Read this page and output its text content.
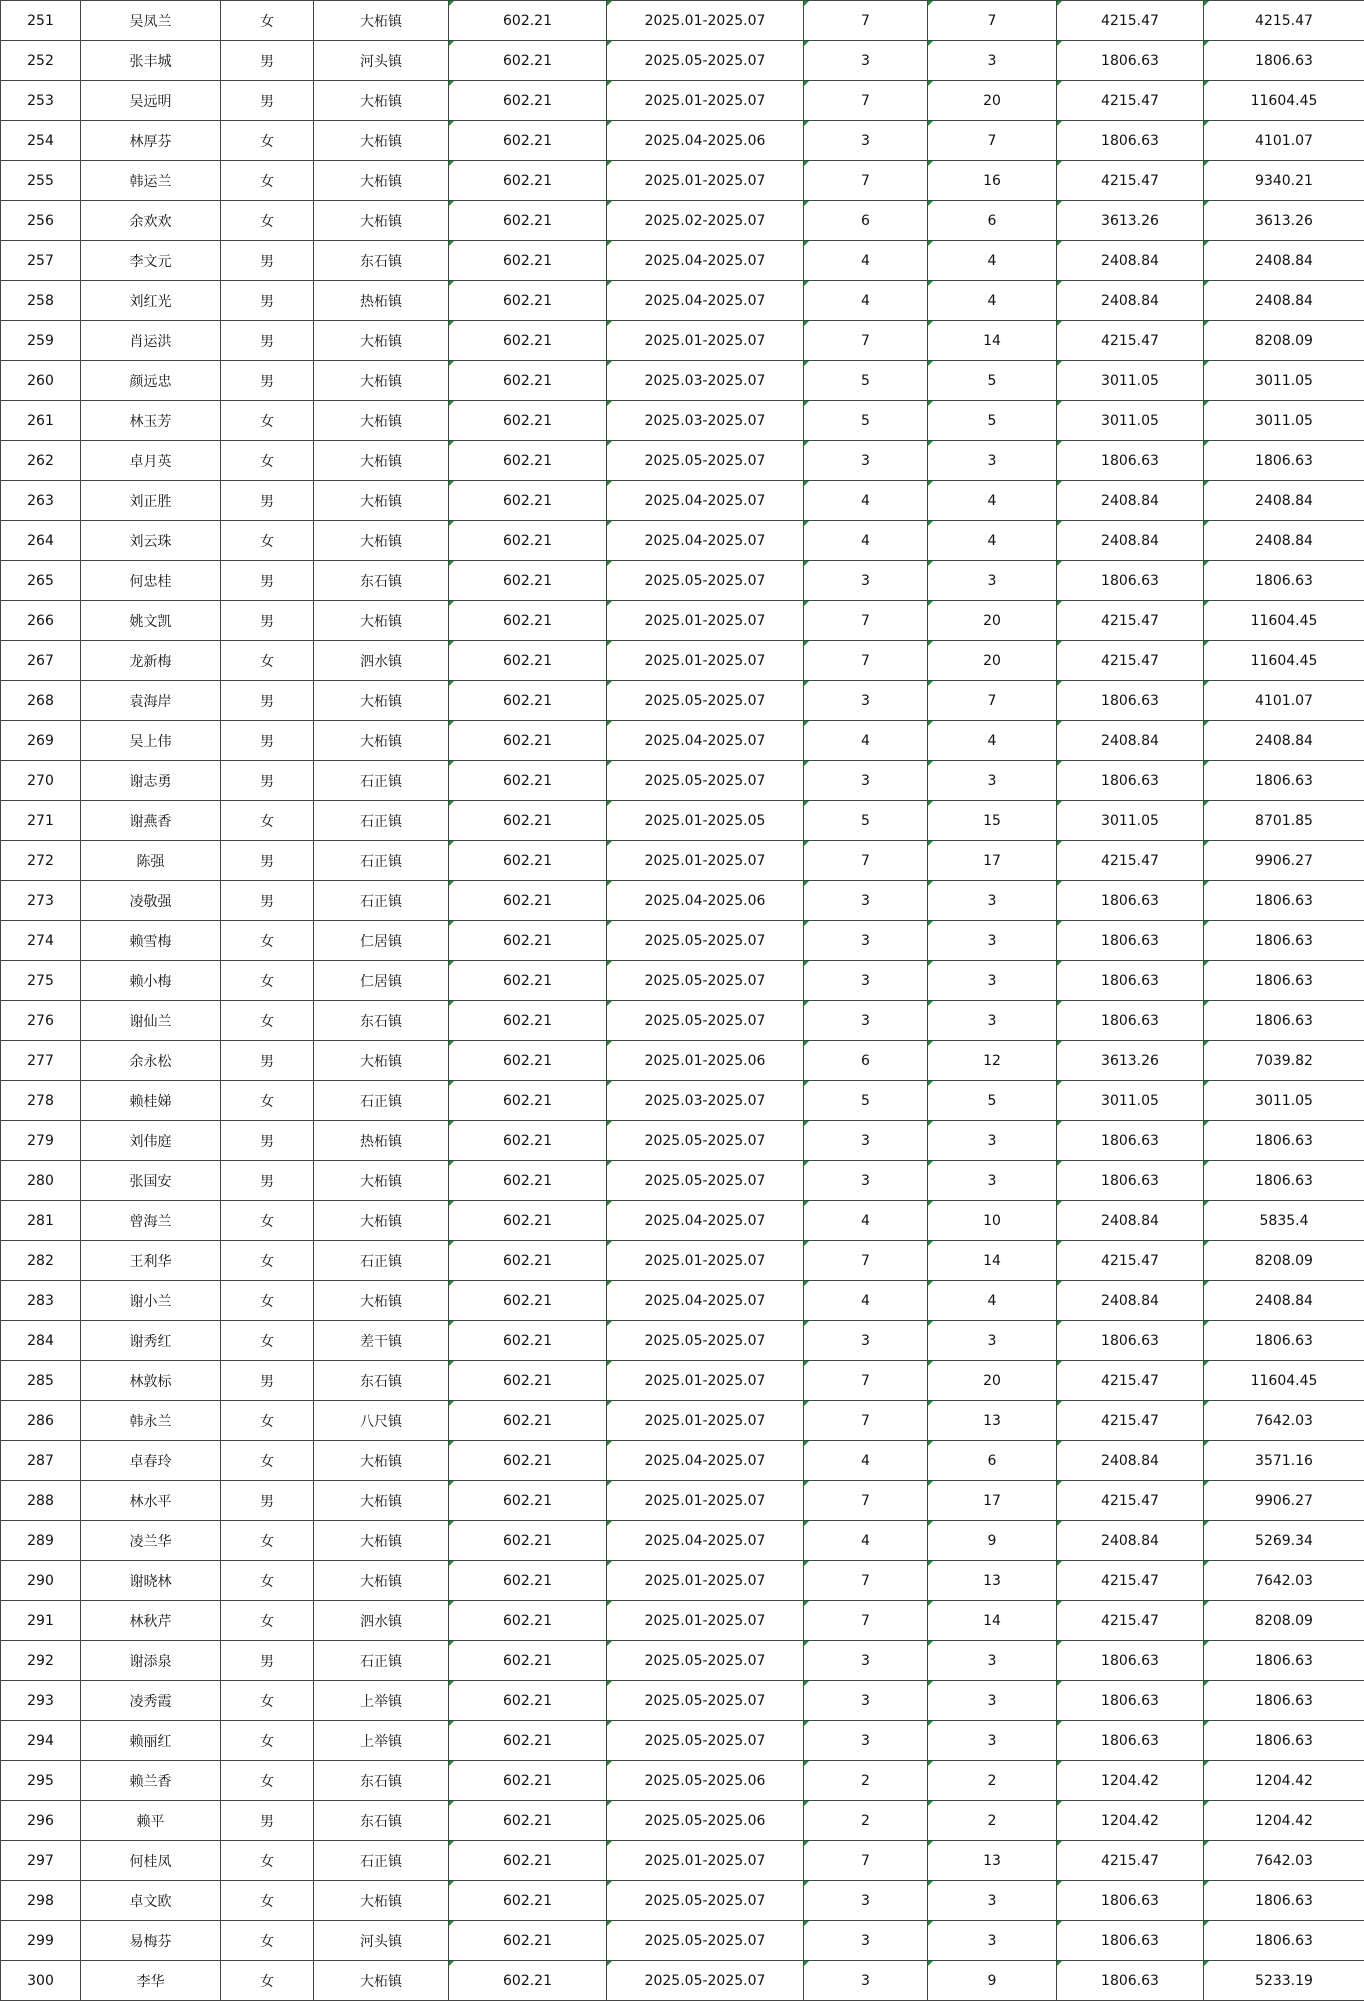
251	吴凤兰	女	大柘镇	602.21	2025.01-2025.07	7	7	4215.47	4215.47
252	张丰城	男	河头镇	602.21	2025.05-2025.07	3	3	1806.63	1806.63
253	吴远明	男	大柘镇	602.21	2025.01-2025.07	7	20	4215.47	11604.45
254	林厚芬	女	大柘镇	602.21	2025.04-2025.06	3	7	1806.63	4101.07
255	韩运兰	女	大柘镇	602.21	2025.01-2025.07	7	16	4215.47	9340.21
256	余欢欢	女	大柘镇	602.21	2025.02-2025.07	6	6	3613.26	3613.26
257	李文元	男	东石镇	602.21	2025.04-2025.07	4	4	2408.84	2408.84
258	刘红光	男	热柘镇	602.21	2025.04-2025.07	4	4	2408.84	2408.84
259	肖运洪	男	大柘镇	602.21	2025.01-2025.07	7	14	4215.47	8208.09
260	颜远忠	男	大柘镇	602.21	2025.03-2025.07	5	5	3011.05	3011.05
261	林玉芳	女	大柘镇	602.21	2025.03-2025.07	5	5	3011.05	3011.05
262	卓月英	女	大柘镇	602.21	2025.05-2025.07	3	3	1806.63	1806.63
263	刘正胜	男	大柘镇	602.21	2025.04-2025.07	4	4	2408.84	2408.84
264	刘云珠	女	大柘镇	602.21	2025.04-2025.07	4	4	2408.84	2408.84
265	何忠桂	男	东石镇	602.21	2025.05-2025.07	3	3	1806.63	1806.63
266	姚文凯	男	大柘镇	602.21	2025.01-2025.07	7	20	4215.47	11604.45
267	龙新梅	女	泗水镇	602.21	2025.01-2025.07	7	20	4215.47	11604.45
268	袁海岸	男	大柘镇	602.21	2025.05-2025.07	3	7	1806.63	4101.07
269	吴上伟	男	大柘镇	602.21	2025.04-2025.07	4	4	2408.84	2408.84
270	谢志勇	男	石正镇	602.21	2025.05-2025.07	3	3	1806.63	1806.63
271	谢燕香	女	石正镇	602.21	2025.01-2025.05	5	15	3011.05	8701.85
272	陈强	男	石正镇	602.21	2025.01-2025.07	7	17	4215.47	9906.27
273	凌敬强	男	石正镇	602.21	2025.04-2025.06	3	3	1806.63	1806.63
274	赖雪梅	女	仁居镇	602.21	2025.05-2025.07	3	3	1806.63	1806.63
275	赖小梅	女	仁居镇	602.21	2025.05-2025.07	3	3	1806.63	1806.63
276	谢仙兰	女	东石镇	602.21	2025.05-2025.07	3	3	1806.63	1806.63
277	余永松	男	大柘镇	602.21	2025.01-2025.06	6	12	3613.26	7039.82
278	赖桂娣	女	石正镇	602.21	2025.03-2025.07	5	5	3011.05	3011.05
279	刘伟庭	男	热柘镇	602.21	2025.05-2025.07	3	3	1806.63	1806.63
280	张国安	男	大柘镇	602.21	2025.05-2025.07	3	3	1806.63	1806.63
281	曾海兰	女	大柘镇	602.21	2025.04-2025.07	4	10	2408.84	5835.4
282	王利华	女	石正镇	602.21	2025.01-2025.07	7	14	4215.47	8208.09
283	谢小兰	女	大柘镇	602.21	2025.04-2025.07	4	4	2408.84	2408.84
284	谢秀红	女	差干镇	602.21	2025.05-2025.07	3	3	1806.63	1806.63
285	林敦标	男	东石镇	602.21	2025.01-2025.07	7	20	4215.47	11604.45
286	韩永兰	女	八尺镇	602.21	2025.01-2025.07	7	13	4215.47	7642.03
287	卓春玲	女	大柘镇	602.21	2025.04-2025.07	4	6	2408.84	3571.16
288	林水平	男	大柘镇	602.21	2025.01-2025.07	7	17	4215.47	9906.27
289	凌兰华	女	大柘镇	602.21	2025.04-2025.07	4	9	2408.84	5269.34
290	谢晓林	女	大柘镇	602.21	2025.01-2025.07	7	13	4215.47	7642.03
291	林秋芹	女	泗水镇	602.21	2025.01-2025.07	7	14	4215.47	8208.09
292	谢添泉	男	石正镇	602.21	2025.05-2025.07	3	3	1806.63	1806.63
293	凌秀霞	女	上举镇	602.21	2025.05-2025.07	3	3	1806.63	1806.63
294	赖丽红	女	上举镇	602.21	2025.05-2025.07	3	3	1806.63	1806.63
295	赖兰香	女	东石镇	602.21	2025.05-2025.06	2	2	1204.42	1204.42
296	赖平	男	东石镇	602.21	2025.05-2025.06	2	2	1204.42	1204.42
297	何桂凤	女	石正镇	602.21	2025.01-2025.07	7	13	4215.47	7642.03
298	卓文欧	女	大柘镇	602.21	2025.05-2025.07	3	3	1806.63	1806.63
299	易梅芬	女	河头镇	602.21	2025.05-2025.07	3	3	1806.63	1806.63
300	李华	女	大柘镇	602.21	2025.05-2025.07	3	9	1806.63	5233.19
